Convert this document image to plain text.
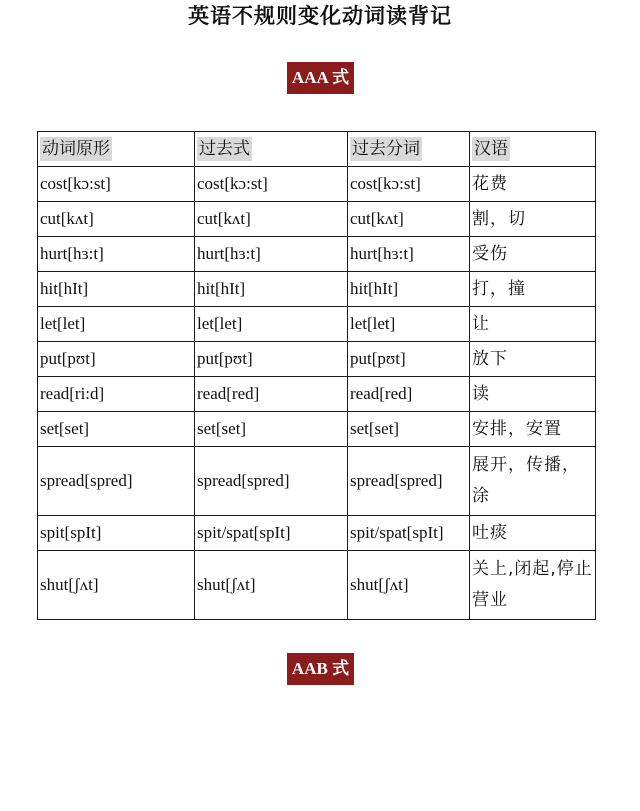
英语不规则变化动词读背记
AAA 式
动词原形	过去式	过去分词	汉语
cost[kɔ:st]	cost[kɔ:st]	cost[kɔ:st]	花费
cut[kʌt]	cut[kʌt]	cut[kʌt]	割，切
hurt[hɜ:t]	hurt[hɜ:t]	hurt[hɜ:t]	受伤
hit[hIt]	hit[hIt]	hit[hIt]	打，撞
let[let]	let[let]	let[let]	让
put[pʊt]	put[pʊt]	put[pʊt]	放下
read[ri:d]	read[red]	read[red]	读
set[set]	set[set]	set[set]	安排，安置
spread[spred]	spread[spred]	spread[spred]	展开，传播，涂
spit[spIt]	spit/spat[spIt]	spit/spat[spIt]	吐痰
shut[ʃʌt]	shut[ʃʌt]	shut[ʃʌt]	关上,闭起,停止营业
AAB 式
